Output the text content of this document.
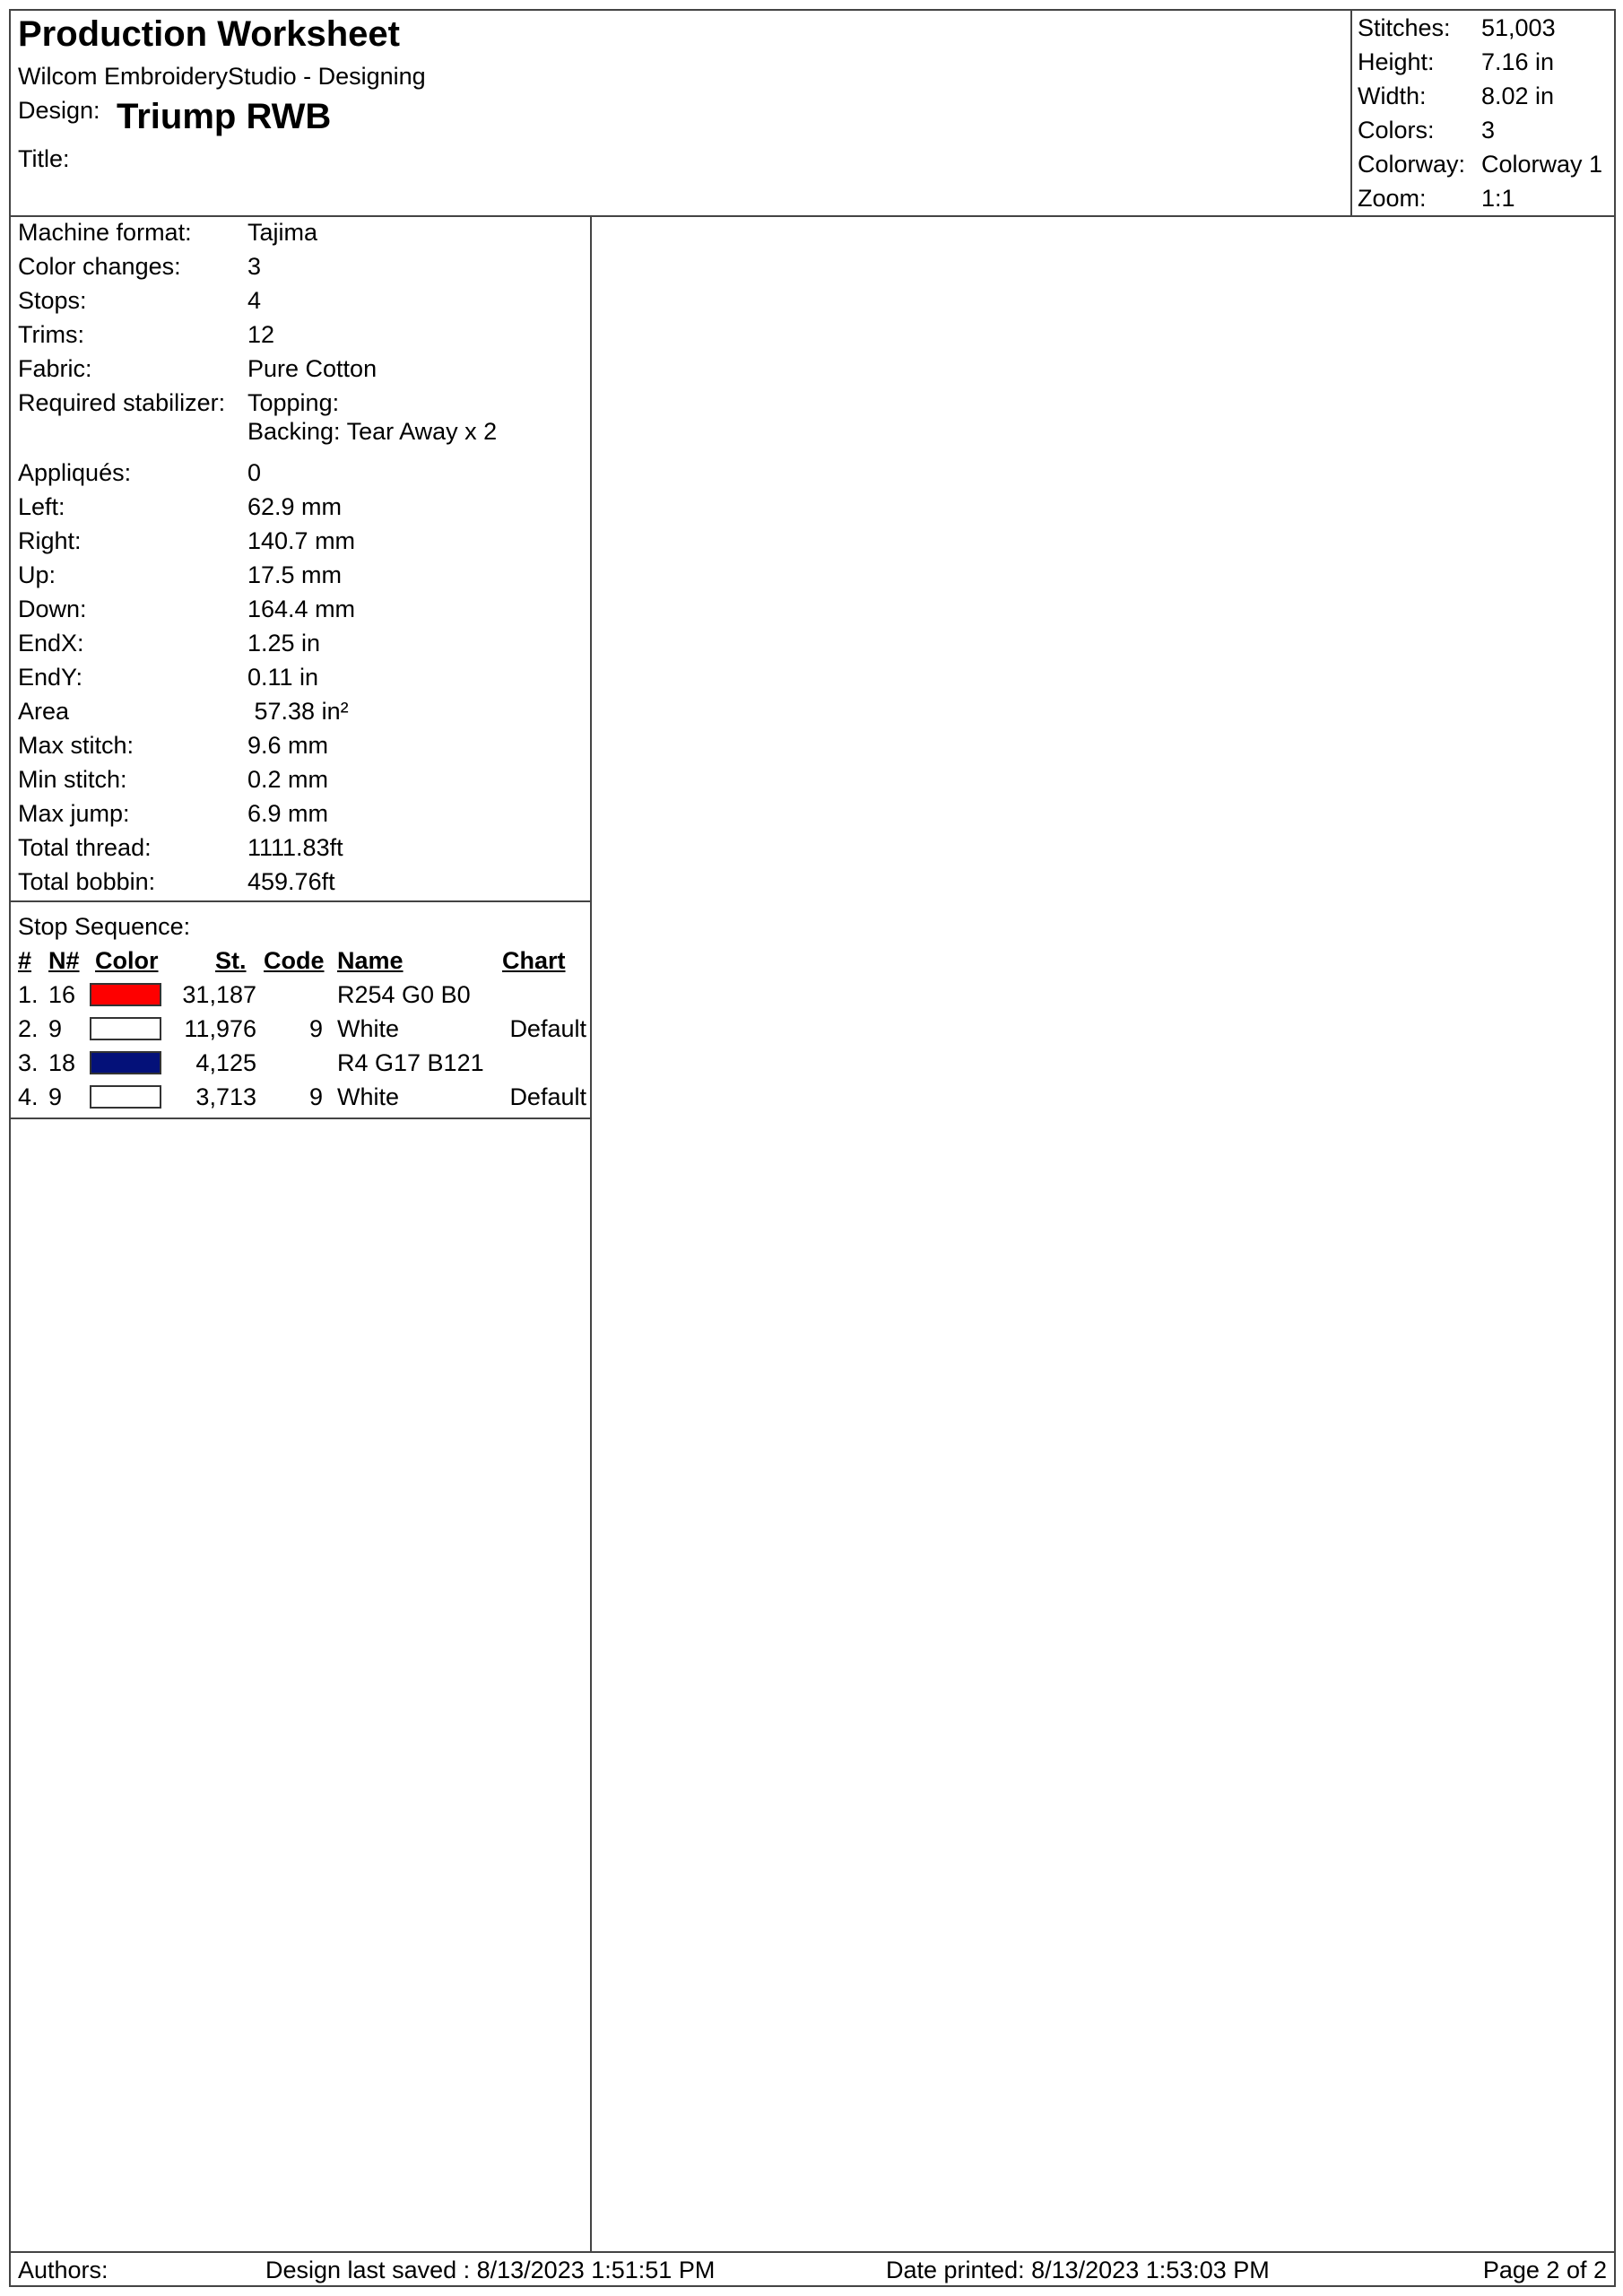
Production Worksheet
Wilcom EmbroideryStudio - Designing
Design: Triump RWB
Title:
Stitches: 51,003
Height: 7.16 in
Width: 8.02 in
Colors: 3
Colorway: Colorway 1
Zoom: 1:1
Machine format: Tajima
Color changes:	3
Stops:	4
Trims:	12
Fabric:	Pure Cotton
Required stabilizer: Topping:
Backing: Tear Away x 2
Appliqués:	0
Left:	62.9 mm
Right:	140.7 mm
Up:	17.5 mm
Down:	164.4 mm
EndX:	1.25 in
EndY:	0.11 in
Area	57.38 in²
Max stitch:	9.6 mm
Min stitch:	0.2 mm
Max jump:	6.9 mm
Total thread:	1111.83ft
Total bobbin:	459.76ft
Stop Sequence:
# N# Color St. Code Name	Chart
1. 16	31,187	R254 G0 B0
2. 9	11,976	9 White	Default
3. 18	4,125	R4 G17 B121
4. 9	3,713	9 White	Default
Authors:	Design last saved : 8/13/2023 1:51:51 PM	Date printed: 8/13/2023 1:53:03 PM	Page 2 of 2
